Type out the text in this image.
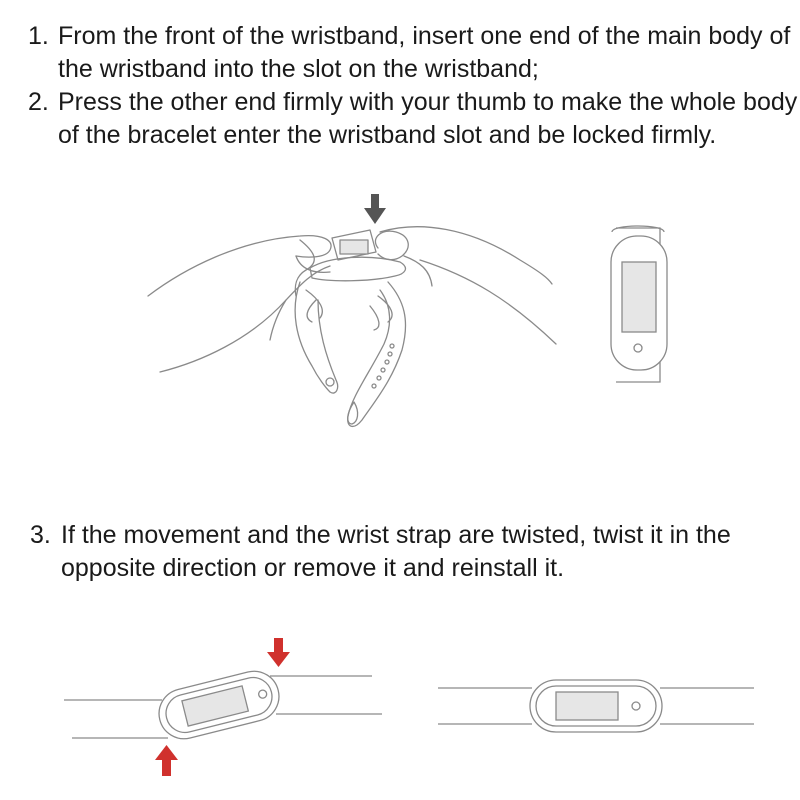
1. From the front of the wristband, insert one end of the main body of the wristband into the slot on the wristband;
2. Press the other end firmly with your thumb to make the whole body of the bracelet enter the wristband slot and be locked firmly.
3. If the movement and the wrist strap are twisted, twist it in the opposite direction or remove it and reinstall it.
